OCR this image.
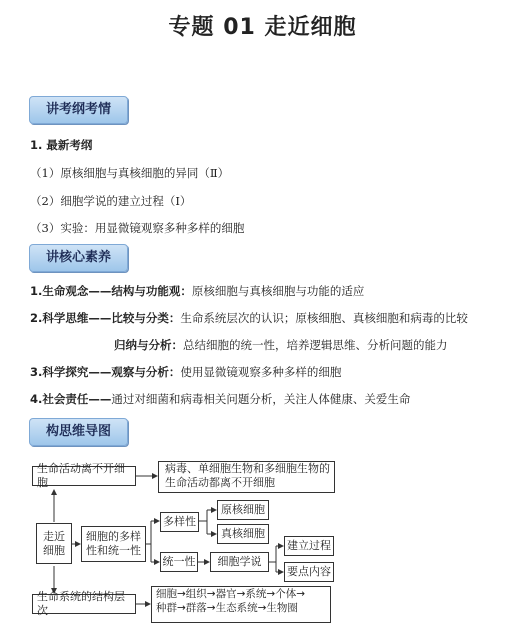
专题 01 走近细胞
讲考纲考情
1. 最新考纲
（1）原核细胞与真核细胞的异同（Ⅱ）
（2）细胞学说的建立过程（Ⅰ）
（3）实验：用显微镜观察多种多样的细胞
讲核心素养
1.生命观念——结构与功能观：原核细胞与真核细胞与功能的适应
2.科学思维——比较与分类：生命系统层次的认识；原核细胞、真核细胞和病毒的比较
归纳与分析：总结细胞的统一性，培养逻辑思维、分析问题的能力
3.科学探究——观察与分析：使用显微镜观察多种多样的细胞
4.社会责任——通过对细菌和病毒相关问题分析，关注人体健康、关爱生命
构思维导图
生命活动离不开细胞
病毒、单细胞生物和多细胞生物的
生命活动都离不开细胞
走近
细胞
细胞的多样
性和统一性
多样性
原核细胞
真核细胞
统一性	细胞学说
建立过程
要点内容
生命系统的结构层次
细胞→组织→器官→系统→个体→
种群→群落→生态系统→生物圈
